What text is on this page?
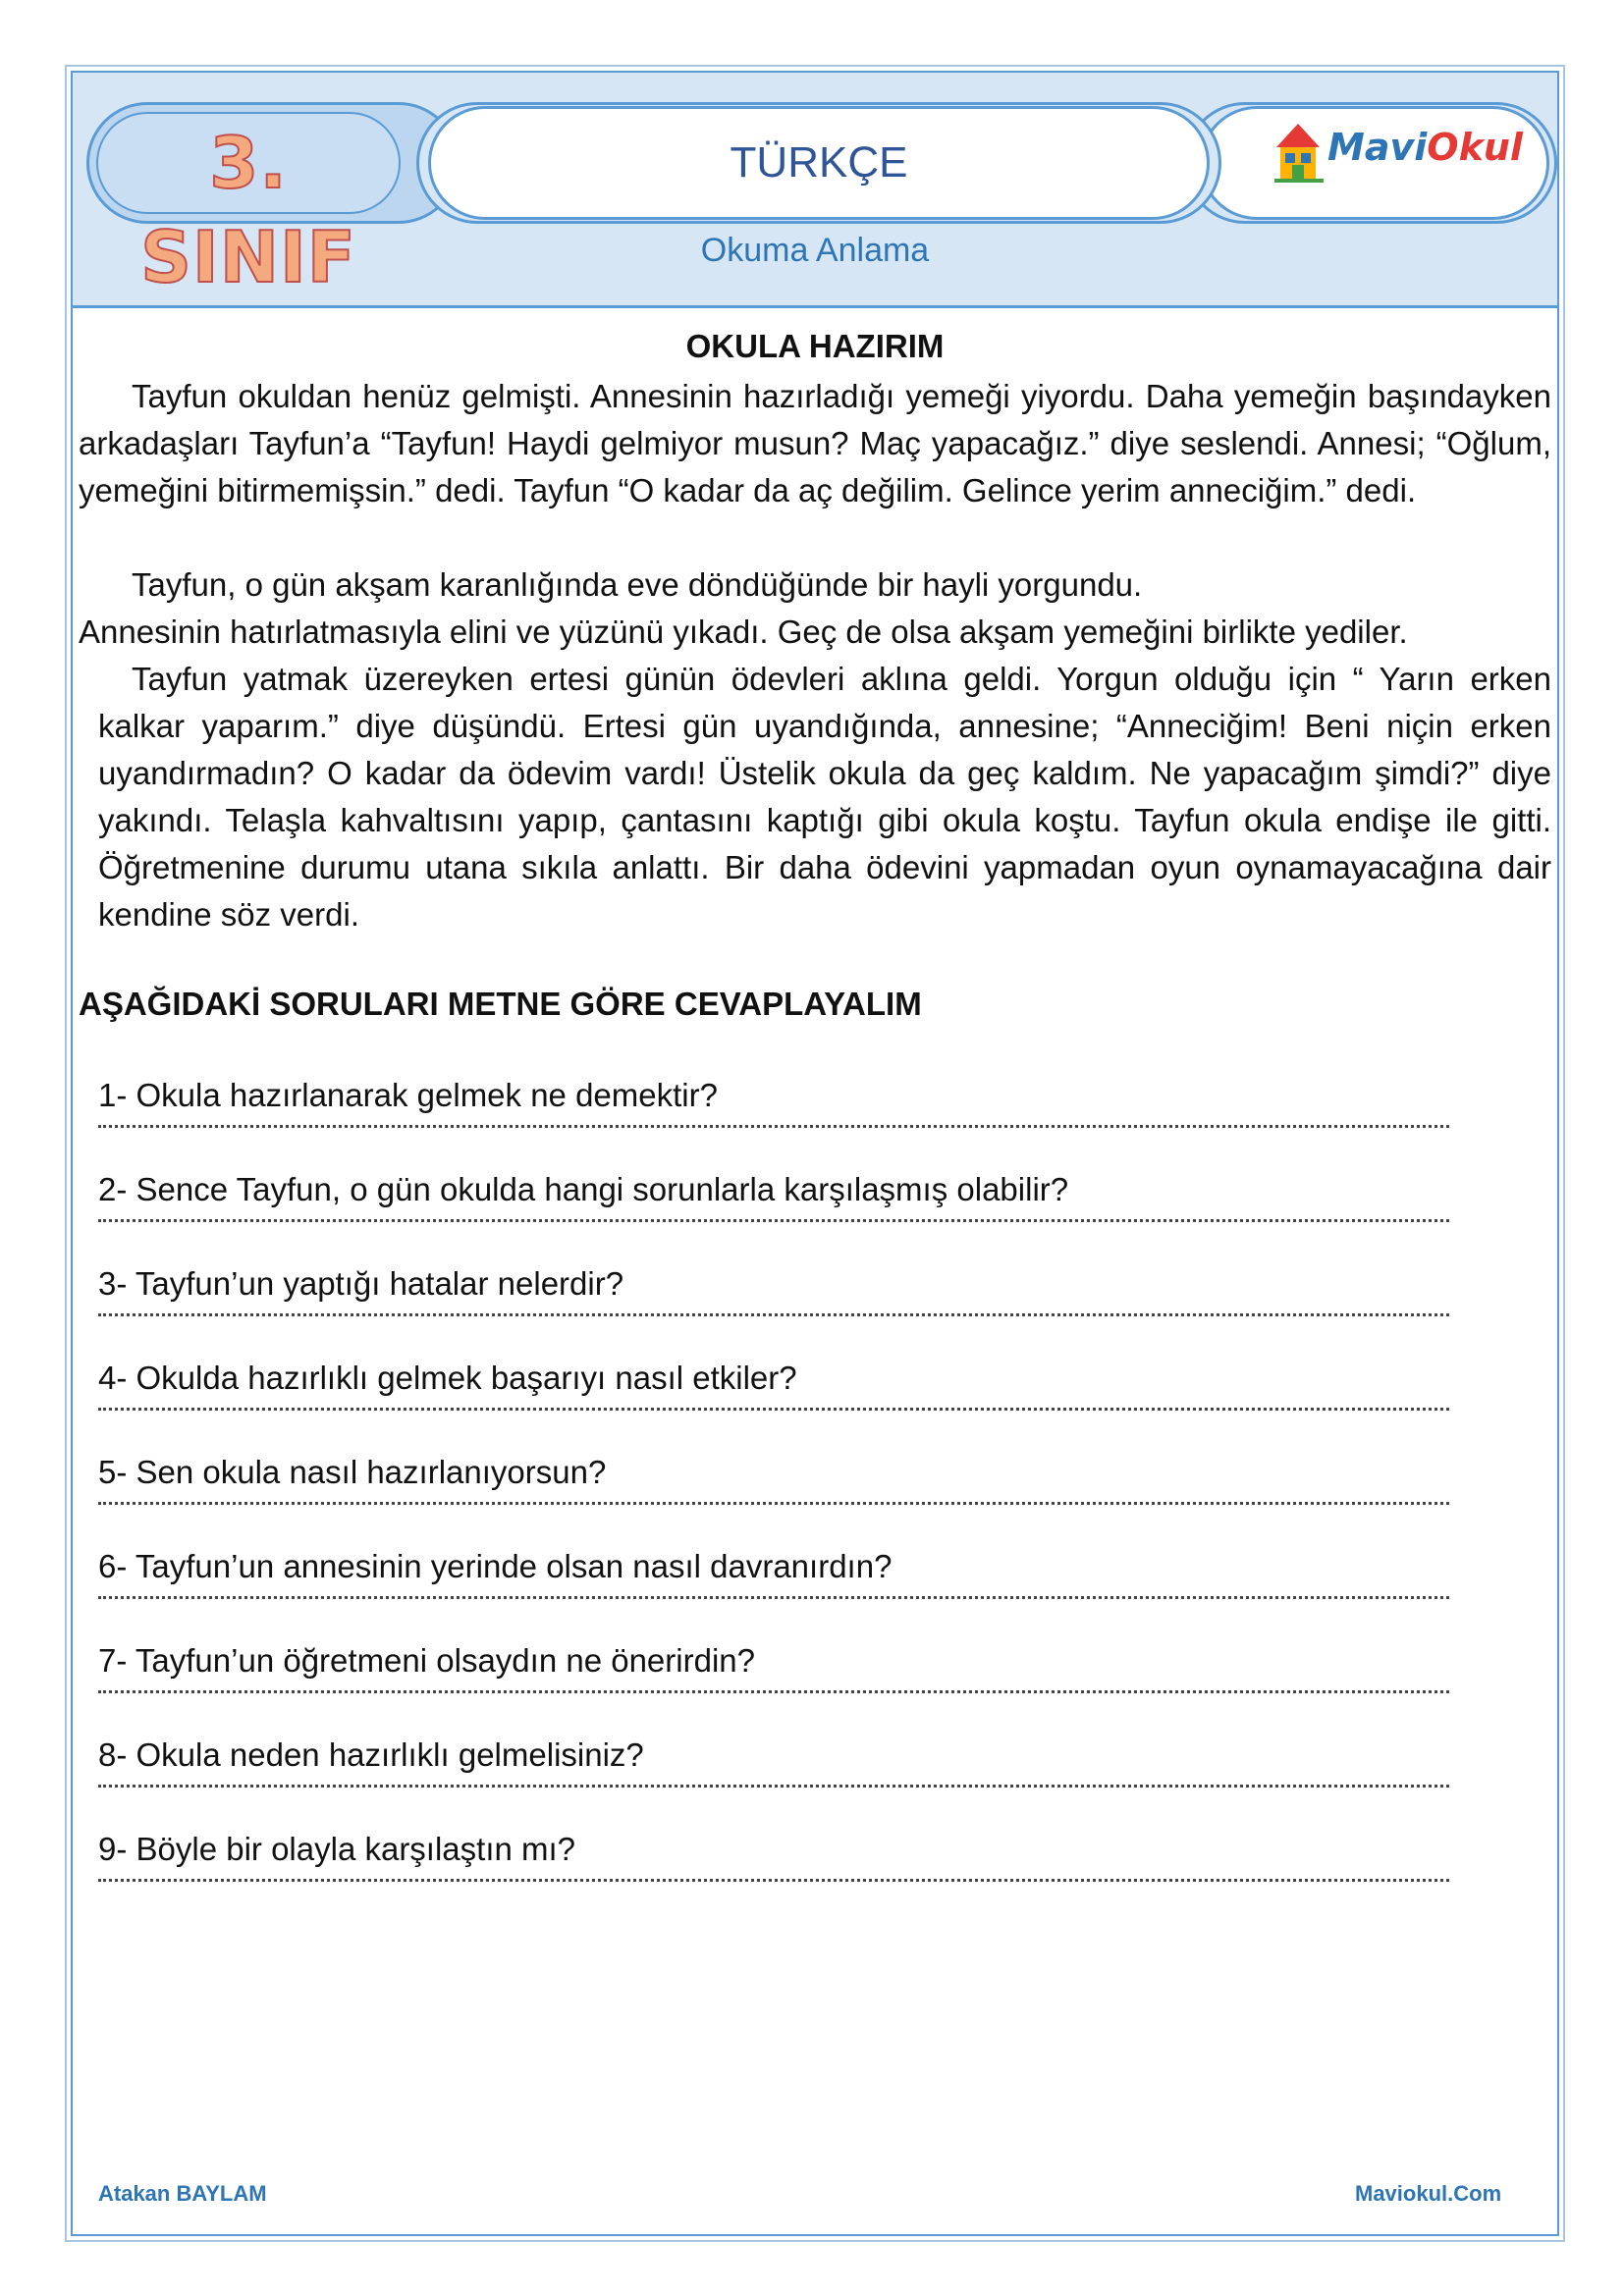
3. SINIF
TÜRKÇE	MaviOkul
Okuma Anlama
OKULA HAZIRIM
Tayfun okuldan henüz gelmişti. Annesinin hazırladığı yemeği yiyordu. Daha yemeğin başındayken arkadaşları Tayfun’a “Tayfun! Haydi gelmiyor musun? Maç yapacağız.” diye seslendi. Annesi; “Oğlum, yemeğini bitirmemişsin.” dedi. Tayfun “O kadar da aç değilim. Gelince yerim anneciğim.” dedi.
Tayfun, o gün akşam karanlığında eve döndüğünde bir hayli yorgundu.
Annesinin hatırlatmasıyla elini ve yüzünü yıkadı. Geç de olsa akşam yemeğini birlikte yediler.
Tayfun yatmak üzereyken ertesi günün ödevleri aklına geldi. Yorgun olduğu için “ Yarın erken kalkar yaparım.” diye düşündü. Ertesi gün uyandığında, annesine; “Anneciğim! Beni niçin erken uyandırmadın? O kadar da ödevim vardı! Üstelik okula da geç kaldım. Ne yapacağım şimdi?” diye yakındı. Telaşla kahvaltısını yapıp, çantasını kaptığı gibi okula koştu. Tayfun okula endişe ile gitti. Öğretmenine durumu utana sıkıla anlattı. Bir daha ödevini yapmadan oyun oynamayacağına dair kendine söz verdi.
AŞAĞIDAKİ SORULARI METNE GÖRE CEVAPLAYALIM
1- Okula hazırlanarak gelmek ne demektir?
2- Sence Tayfun, o gün okulda hangi sorunlarla karşılaşmış olabilir?
3- Tayfun’un yaptığı hatalar nelerdir?
4- Okulda hazırlıklı gelmek başarıyı nasıl etkiler?
5- Sen okula nasıl hazırlanıyorsun?
6- Tayfun’un annesinin yerinde olsan nasıl davranırdın?
7- Tayfun’un öğretmeni olsaydın ne önerirdin?
8- Okula neden hazırlıklı gelmelisiniz?
9- Böyle bir olayla karşılaştın mı?
Atakan BAYLAM	Maviokul.Com
